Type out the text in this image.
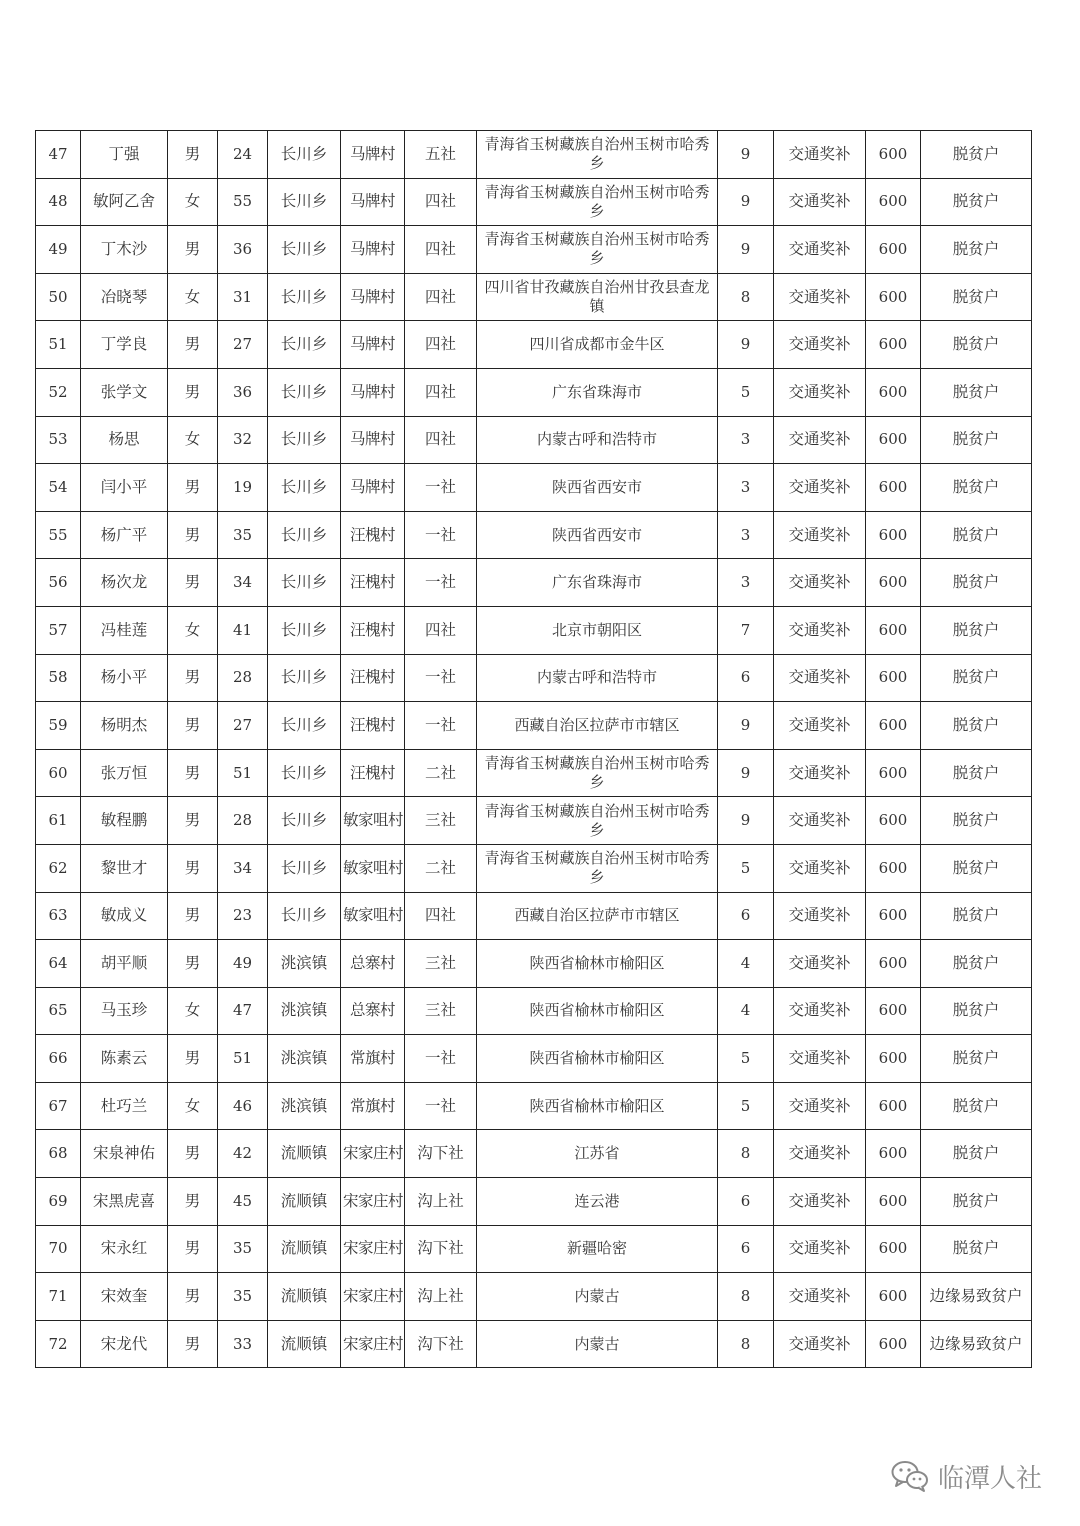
47	丁强	男	24	长川乡	马牌村	五社	青海省玉树藏族自治州玉树市哈秀乡	9	交通奖补	600	脱贫户
48	敏阿乙舍	女	55	长川乡	马牌村	四社	青海省玉树藏族自治州玉树市哈秀乡	9	交通奖补	600	脱贫户
49	丁木沙	男	36	长川乡	马牌村	四社	青海省玉树藏族自治州玉树市哈秀乡	9	交通奖补	600	脱贫户
50	冶晓琴	女	31	长川乡	马牌村	四社	四川省甘孜藏族自治州甘孜县查龙镇	8	交通奖补	600	脱贫户
51	丁学良	男	27	长川乡	马牌村	四社	四川省成都市金牛区	9	交通奖补	600	脱贫户
52	张学文	男	36	长川乡	马牌村	四社	广东省珠海市	5	交通奖补	600	脱贫户
53	杨思	女	32	长川乡	马牌村	四社	内蒙古呼和浩特市	3	交通奖补	600	脱贫户
54	闫小平	男	19	长川乡	马牌村	一社	陕西省西安市	3	交通奖补	600	脱贫户
55	杨广平	男	35	长川乡	汪槐村	一社	陕西省西安市	3	交通奖补	600	脱贫户
56	杨次龙	男	34	长川乡	汪槐村	一社	广东省珠海市	3	交通奖补	600	脱贫户
57	冯桂莲	女	41	长川乡	汪槐村	四社	北京市朝阳区	7	交通奖补	600	脱贫户
58	杨小平	男	28	长川乡	汪槐村	一社	内蒙古呼和浩特市	6	交通奖补	600	脱贫户
59	杨明杰	男	27	长川乡	汪槐村	一社	西藏自治区拉萨市市辖区	9	交通奖补	600	脱贫户
60	张万恒	男	51	长川乡	汪槐村	二社	青海省玉树藏族自治州玉树市哈秀乡	9	交通奖补	600	脱贫户
61	敏程鹏	男	28	长川乡	敏家咀村	三社	青海省玉树藏族自治州玉树市哈秀乡	9	交通奖补	600	脱贫户
62	黎世才	男	34	长川乡	敏家咀村	二社	青海省玉树藏族自治州玉树市哈秀乡	5	交通奖补	600	脱贫户
63	敏成义	男	23	长川乡	敏家咀村	四社	西藏自治区拉萨市市辖区	6	交通奖补	600	脱贫户
64	胡平顺	男	49	洮滨镇	总寨村	三社	陕西省榆林市榆阳区	4	交通奖补	600	脱贫户
65	马玉珍	女	47	洮滨镇	总寨村	三社	陕西省榆林市榆阳区	4	交通奖补	600	脱贫户
66	陈素云	男	51	洮滨镇	常旗村	一社	陕西省榆林市榆阳区	5	交通奖补	600	脱贫户
67	杜巧兰	女	46	洮滨镇	常旗村	一社	陕西省榆林市榆阳区	5	交通奖补	600	脱贫户
68	宋泉神佑	男	42	流顺镇	宋家庄村	沟下社	江苏省	8	交通奖补	600	脱贫户
69	宋黑虎喜	男	45	流顺镇	宋家庄村	沟上社	连云港	6	交通奖补	600	脱贫户
70	宋永红	男	35	流顺镇	宋家庄村	沟下社	新疆哈密	6	交通奖补	600	脱贫户
71	宋效奎	男	35	流顺镇	宋家庄村	沟上社	内蒙古	8	交通奖补	600	边缘易致贫户
72	宋龙代	男	33	流顺镇	宋家庄村	沟下社	内蒙古	8	交通奖补	600	边缘易致贫户
临潭人社
